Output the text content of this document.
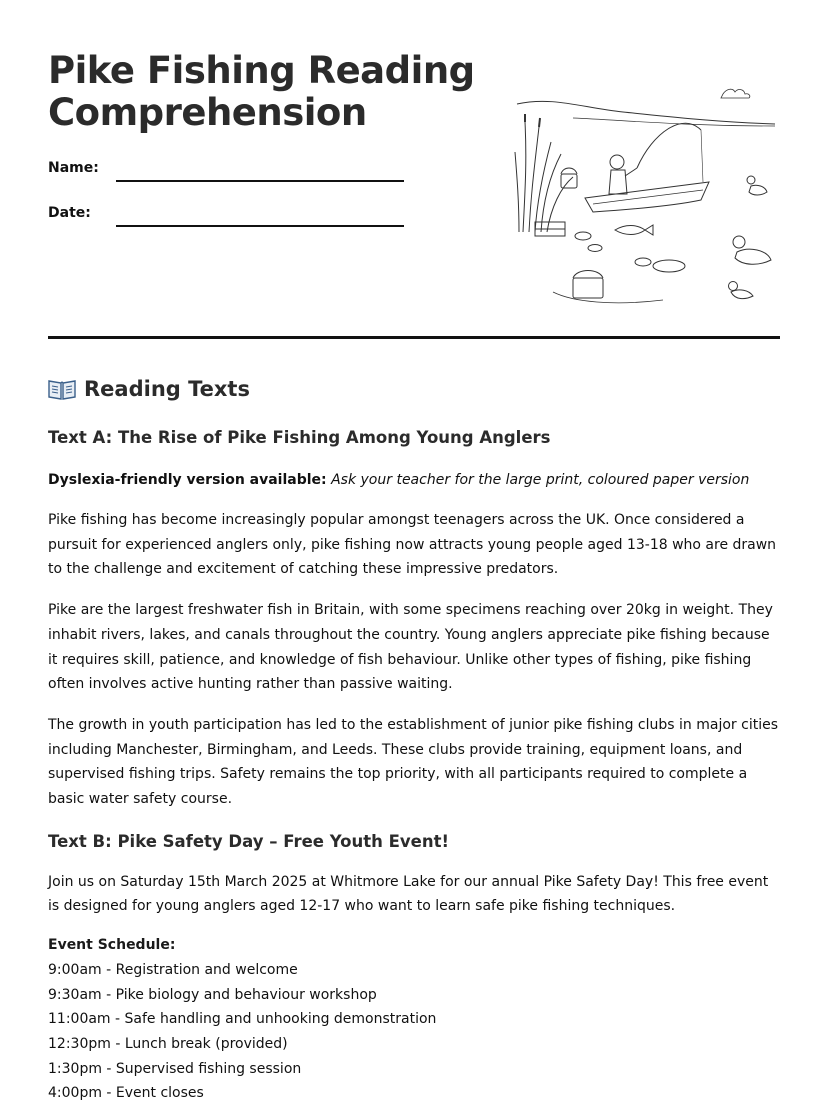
Pike Fishing Reading Comprehension
Name:
Date:
Reading Texts
Text A: The Rise of Pike Fishing Among Young Anglers
Dyslexia-friendly version available: Ask your teacher for the large print, coloured paper version

Pike fishing has become increasingly popular amongst teenagers across the UK. Once considered a pursuit for experienced anglers only, pike fishing now attracts young people aged 13-18 who are drawn to the challenge and excitement of catching these impressive predators.

Pike are the largest freshwater fish in Britain, with some specimens reaching over 20kg in weight. They inhabit rivers, lakes, and canals throughout the country. Young anglers appreciate pike fishing because it requires skill, patience, and knowledge of fish behaviour. Unlike other types of fishing, pike fishing often involves active hunting rather than passive waiting.

The growth in youth participation has led to the establishment of junior pike fishing clubs in major cities including Manchester, Birmingham, and Leeds. These clubs provide training, equipment loans, and supervised fishing trips. Safety remains the top priority, with all participants required to complete a basic water safety course.

Text B: Pike Safety Day – Free Youth Event!

Join us on Saturday 15th March 2025 at Whitmore Lake for our annual Pike Safety Day! This free event is designed for young anglers aged 12-17 who want to learn safe pike fishing techniques.

Event Schedule:
9:00am - Registration and welcome
9:30am - Pike biology and behaviour workshop
11:00am - Safe handling and unhooking demonstration
12:30pm - Lunch break (provided)
1:30pm - Supervised fishing session
4:00pm - Event closes
